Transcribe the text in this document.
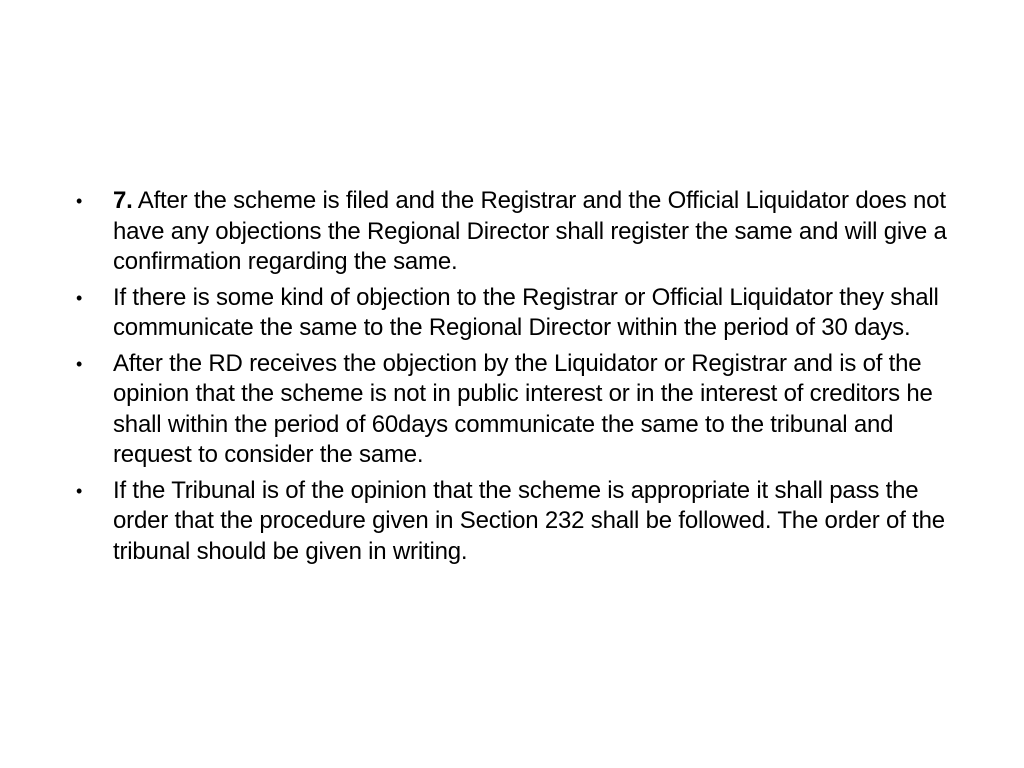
• 7. After the scheme is filed and the Registrar and the Official Liquidator does not have any objections the Regional Director shall register the same and will give a confirmation regarding the same.
• If there is some kind of objection to the Registrar or Official Liquidator they shall communicate the same to the Regional Director within the period of 30 days.
• After the RD receives the objection by the Liquidator or Registrar and is of the opinion that the scheme is not in public interest or in the interest of creditors he shall within the period of 60days communicate the same to the tribunal and request to consider the same.
• If the Tribunal is of the opinion that the scheme is appropriate it shall pass the order that the procedure given in Section 232 shall be followed. The order of the tribunal should be given in writing.
